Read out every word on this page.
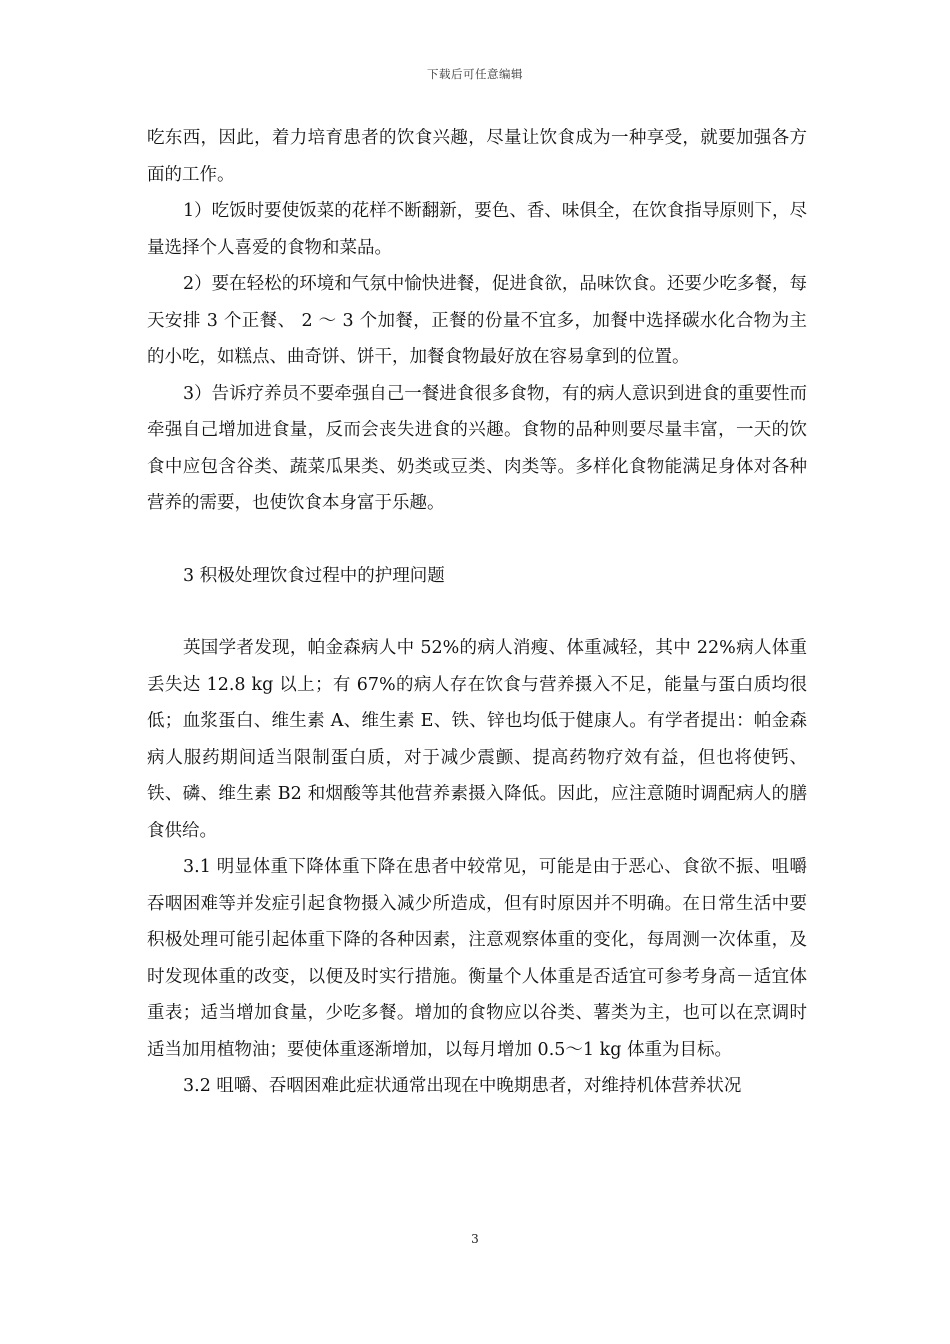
下载后可任意编辑

吃东西，因此，着力培育患者的饮食兴趣，尽量让饮食成为一种享受，就要加强各方面的工作。

1）吃饭时要使饭菜的花样不断翻新，要色、香、味俱全，在饮食指导原则下，尽量选择个人喜爱的食物和菜品。

2）要在轻松的环境和气氛中愉快进餐，促进食欲，品味饮食。还要少吃多餐，每天安排 3 个正餐、 2 ～ 3 个加餐，正餐的份量不宜多，加餐中选择碳水化合物为主的小吃，如糕点、曲奇饼、饼干，加餐食物最好放在容易拿到的位置。

3）告诉疗养员不要牵强自己一餐进食很多食物，有的病人意识到进食的重要性而牵强自己增加进食量，反而会丧失进食的兴趣。食物的品种则要尽量丰富，一天的饮食中应包含谷类、蔬菜瓜果类、奶类或豆类、肉类等。多样化食物能满足身体对各种营养的需要，也使饮食本身富于乐趣。

3 积极处理饮食过程中的护理问题

英国学者发现，帕金森病人中 52%的病人消瘦、体重减轻，其中 22%病人体重丢失达 12.8 kg 以上；有 67%的病人存在饮食与营养摄入不足，能量与蛋白质均很低；血浆蛋白、维生素 A、维生素 E、铁、锌也均低于健康人。有学者提出：帕金森病人服药期间适当限制蛋白质，对于减少震颤、提高药物疗效有益，但也将使钙、铁、磷、维生素 B2 和烟酸等其他营养素摄入降低。因此，应注意随时调配病人的膳食供给。

3.1 明显体重下降体重下降在患者中较常见，可能是由于恶心、食欲不振、咀嚼吞咽困难等并发症引起食物摄入减少所造成，但有时原因并不明确。在日常生活中要积极处理可能引起体重下降的各种因素，注意观察体重的变化，每周测一次体重，及时发现体重的改变，以便及时实行措施。衡量个人体重是否适宜可参考身高－适宜体重表；适当增加食量，少吃多餐。增加的食物应以谷类、薯类为主，也可以在烹调时适当加用植物油；要使体重逐渐增加，以每月增加 0.5～1 kg 体重为目标。

3.2 咀嚼、吞咽困难此症状通常出现在中晚期患者，对维持机体营养状况

3
